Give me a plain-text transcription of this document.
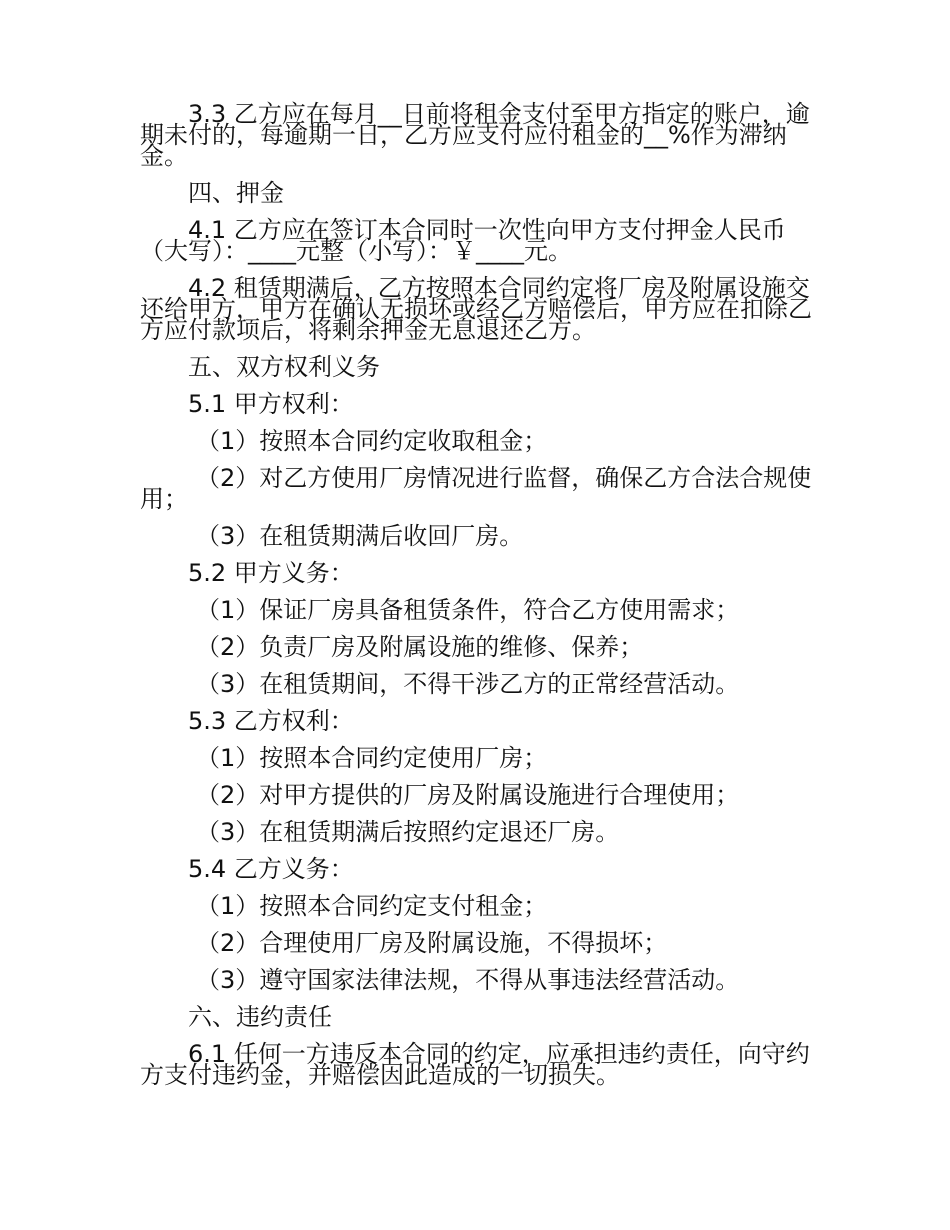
3.3 乙方应在每月__日前将租金支付至甲方指定的账户，逾期未付的，每逾期一日，乙方应支付应付租金的__%作为滞纳金。

四、押金

4.1 乙方应在签订本合同时一次性向甲方支付押金人民币（大写）：____元整（小写）：￥____元。

4.2 租赁期满后，乙方按照本合同约定将厂房及附属设施交还给甲方，甲方在确认无损坏或经乙方赔偿后，甲方应在扣除乙方应付款项后，将剩余押金无息退还乙方。

五、双方权利义务

5.1 甲方权利：

（1）按照本合同约定收取租金；

（2）对乙方使用厂房情况进行监督，确保乙方合法合规使用；

（3）在租赁期满后收回厂房。

5.2 甲方义务：

（1）保证厂房具备租赁条件，符合乙方使用需求；

（2）负责厂房及附属设施的维修、保养；

（3）在租赁期间，不得干涉乙方的正常经营活动。

5.3 乙方权利：

（1）按照本合同约定使用厂房；

（2）对甲方提供的厂房及附属设施进行合理使用；

（3）在租赁期满后按照约定退还厂房。

5.4 乙方义务：

（1）按照本合同约定支付租金；

（2）合理使用厂房及附属设施，不得损坏；

（3）遵守国家法律法规，不得从事违法经营活动。

六、违约责任

6.1 任何一方违反本合同的约定，应承担违约责任，向守约方支付违约金，并赔偿因此造成的一切损失。
